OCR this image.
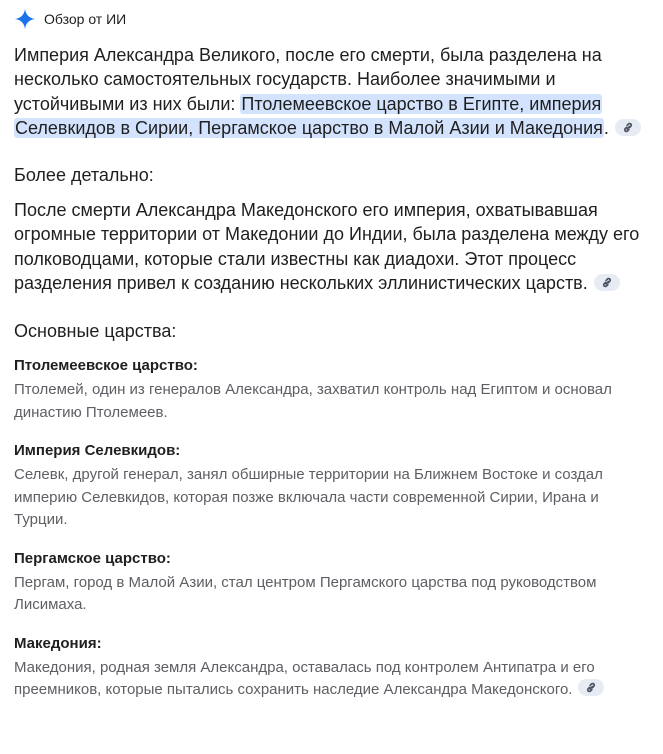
Обзор от ИИ

Империя Александра Великого, после его смерти, была разделена на несколько самостоятельных государств. Наиболее значимыми и устойчивыми из них были: Птолемеевское царство в Египте, империя Селевкидов в Сирии, Пергамское царство в Малой Азии и Македония.

Более детально:

После смерти Александра Македонского его империя, охватывавшая огромные территории от Македонии до Индии, была разделена между его полководцами, которые стали известны как диадохи. Этот процесс разделения привел к созданию нескольких эллинистических царств.

Основные царства:

Птолемеевское царство:

Птолемей, один из генералов Александра, захватил контроль над Египтом и основал династию Птолемеев.

Империя Селевкидов:

Селевк, другой генерал, занял обширные территории на Ближнем Востоке и создал империю Селевкидов, которая позже включала части современной Сирии, Ирана и Турции.

Пергамское царство:

Пергам, город в Малой Азии, стал центром Пергамского царства под руководством Лисимаха.

Македония:

Македония, родная земля Александра, оставалась под контролем Антипатра и его преемников, которые пытались сохранить наследие Александра Македонского.
